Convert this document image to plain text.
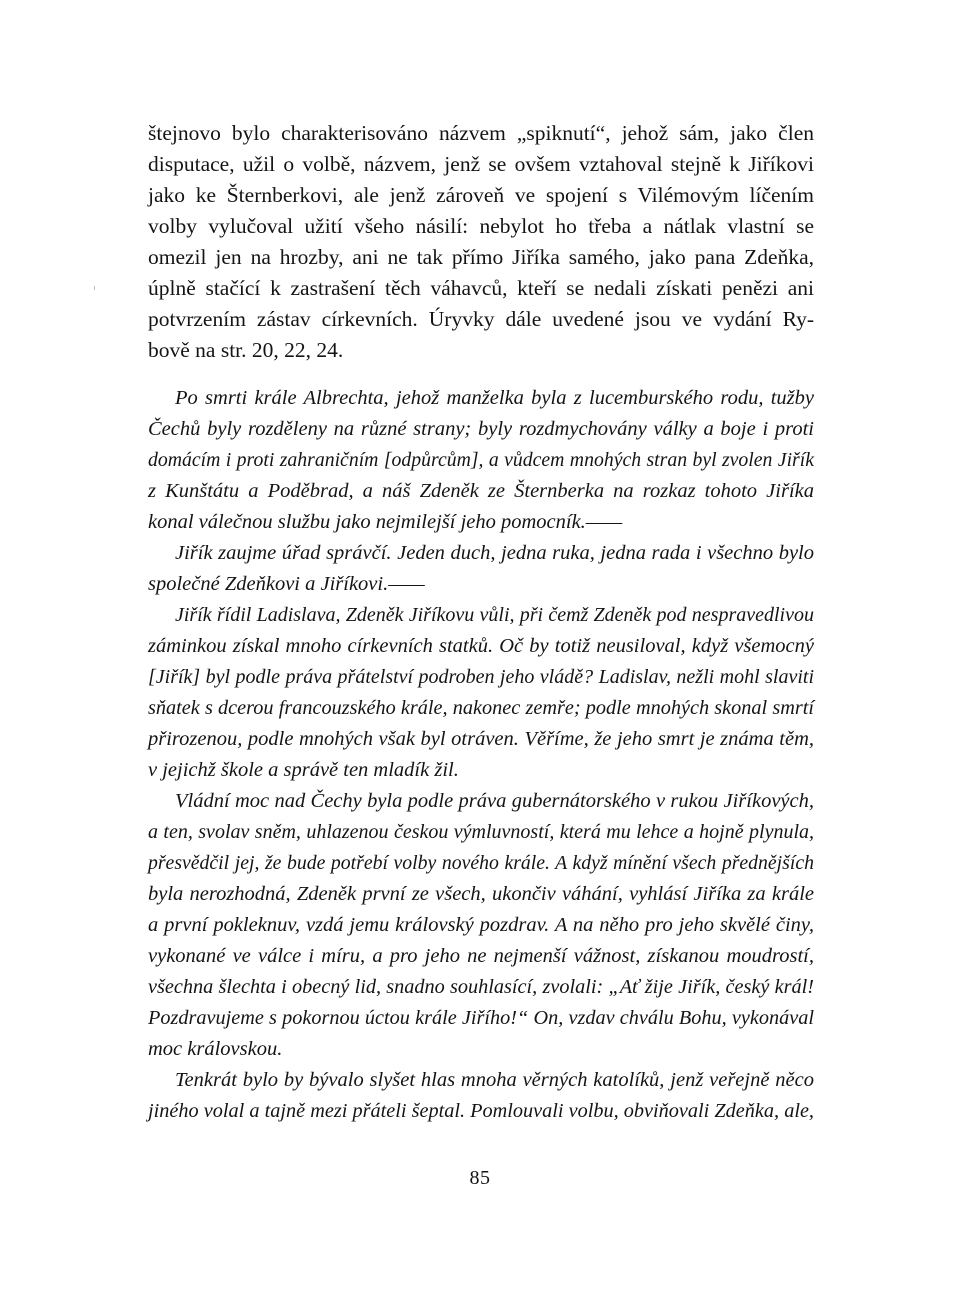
štejnovo bylo charakterisováno názvem „spiknutí“, jehož sám, jako člen
disputace, užil o volbě, názvem, jenž se ovšem vztahoval stejně k Jiříkovi
jako ke Šternberkovi, ale jenž zároveň ve spojení s Vilémovým líčením
volby vylučoval užití všeho násilí: nebylot ho třeba a nátlak vlastní se
omezil jen na hrozby, ani ne tak přímo Jiříka samého, jako pana Zdeňka,
úplně stačící k zastrašení těch váhavců, kteří se nedali získati penězi ani
potvrzením zástav církevních. Úryvky dále uvedené jsou ve vydání Ry-
bově na str. 20, 22, 24.
Po smrti krále Albrechta, jehož manželka byla z lucemburského rodu, tužby
Čechů byly rozděleny na různé strany; byly rozdmychovány války a boje i proti
domácím i proti zahraničním [odpůrcům], a vůdcem mnohých stran byl zvolen Jiřík
z Kunštátu a Poděbrad, a náš Zdeněk ze Šternberka na rozkaz tohoto Jiříka
konal válečnou službu jako nejmilejší jeho pomocník.——
Jiřík zaujme úřad správčí. Jeden duch, jedna ruka, jedna rada i všechno bylo
společné Zdeňkovi a Jiříkovi.——
Jiřík řídil Ladislava, Zdeněk Jiříkovu vůli, při čemž Zdeněk pod nespravedlivou
záminkou získal mnoho církevních statků. Oč by totiž neusiloval, když všemocný
[Jiřík] byl podle práva přátelství podroben jeho vládě? Ladislav, nežli mohl slaviti
sňatek s dcerou francouzského krále, nakonec zemře; podle mnohých skonal smrtí
přirozenou, podle mnohých však byl otráven. Věříme, že jeho smrt je známa těm,
v jejichž škole a správě ten mladík žil.
Vládní moc nad Čechy byla podle práva gubernátorského v rukou Jiříkových,
a ten, svolav sněm, uhlazenou českou výmluvností, která mu lehce a hojně plynula,
přesvědčil jej, že bude potřebí volby nového krále. A když mínění všech přednějších
byla nerozhodná, Zdeněk první ze všech, ukončiv váhání, vyhlásí Jiříka za krále
a první pokleknuv, vzdá jemu královský pozdrav. A na něho pro jeho skvělé činy,
vykonané ve válce i míru, a pro jeho ne nejmenší vážnost, získanou moudrostí,
všechna šlechta i obecný lid, snadno souhlasící, zvolali: „Ať žije Jiřík, český král!
Pozdravujeme s pokornou úctou krále Jiřího!“ On, vzdav chválu Bohu, vykonával
moc královskou.
Tenkrát bylo by bývalo slyšet hlas mnoha věrných katolíků, jenž veřejně něco
jiného volal a tajně mezi přáteli šeptal. Pomlouvali volbu, obviňovali Zdeňka, ale,
85
